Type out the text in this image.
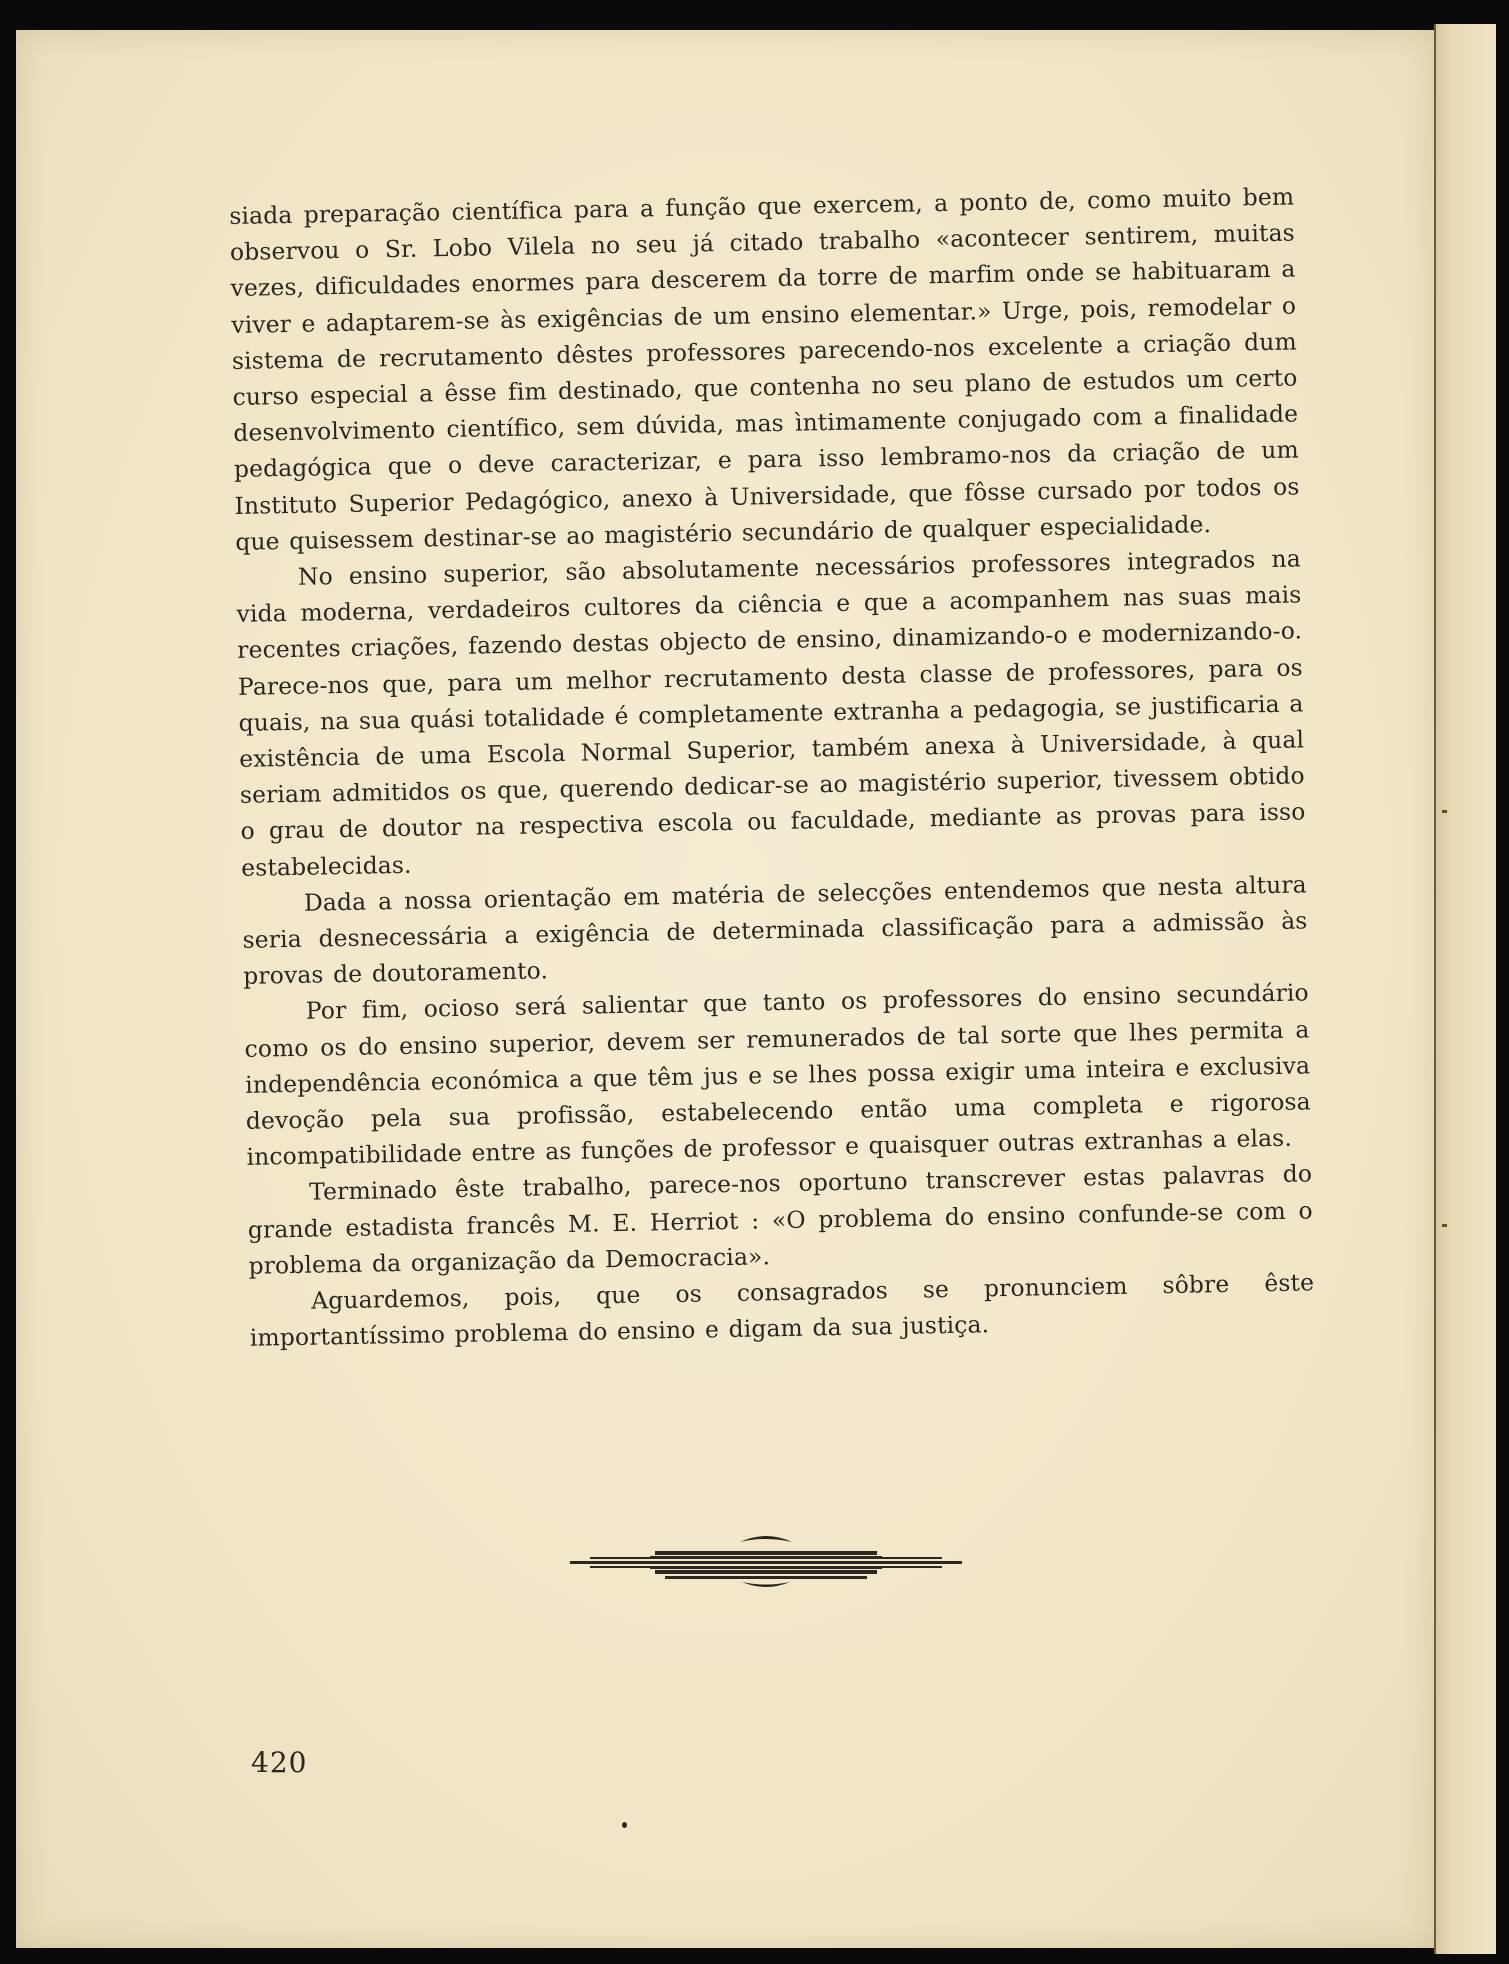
siada preparação científica para a função que exercem, a ponto de, como muito bem observou o Sr. Lobo Vilela no seu já citado trabalho «acontecer sentirem, muitas vezes, dificuldades enormes para descerem da torre de marfim onde se habituaram a viver e adaptarem-se às exigências de um ensino elementar.» Urge, pois, remodelar o sistema de recrutamento dêstes professores parecendo-nos excelente a criação dum curso especial a êsse fim destinado, que contenha no seu plano de estudos um certo desenvolvimento científico, sem dúvida, mas ìntimamente conjugado com a finalidade pedagógica que o deve caracterizar, e para isso lembramo-nos da criação de um Instituto Superior Pedagógico, anexo à Universidade, que fôsse cursado por todos os que quisessem destinar-se ao magistério secundário de qualquer especialidade.

No ensino superior, são absolutamente necessários professores integrados na vida moderna, verdadeiros cultores da ciência e que a acompanhem nas suas mais recentes criações, fazendo destas objecto de ensino, dinamizando-o e modernizando-o. Parece-nos que, para um melhor recrutamento desta classe de professores, para os quais, na sua quási totalidade é completamente extranha a pedagogia, se justificaria a existência de uma Escola Normal Superior, também anexa à Universidade, à qual seriam admitidos os que, querendo dedicar-se ao magistério superior, tivessem obtido o grau de doutor na respectiva escola ou faculdade, mediante as provas para isso estabelecidas.

Dada a nossa orientação em matéria de selecções entendemos que nesta altura seria desnecessária a exigência de determinada classificação para a admissão às provas de doutoramento.

Por fim, ocioso será salientar que tanto os professores do ensino secundário como os do ensino superior, devem ser remunerados de tal sorte que lhes permita a independência económica a que têm jus e se lhes possa exigir uma inteira e exclusiva devoção pela sua profissão, estabelecendo então uma completa e rigorosa incompatibilidade entre as funções de professor e quaisquer outras extranhas a elas.

Terminado êste trabalho, parece-nos oportuno transcrever estas palavras do grande estadista francês M. E. Herriot : «O problema do ensino confunde-se com o problema da organização da Democracia».

Aguardemos, pois, que os consagrados se pronunciem sôbre êste importantíssimo problema do ensino e digam da sua justiça.

420
